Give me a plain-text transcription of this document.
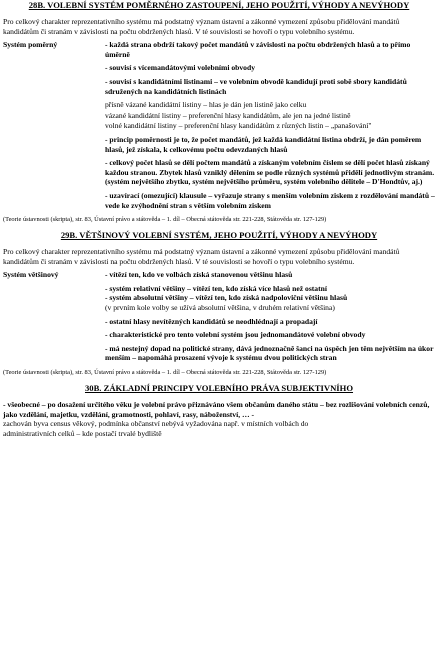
28B. VOLEBNÍ SYSTÉM POMĚRNÉHO ZASTOUPENÍ, JEHO POUŽITÍ, VÝHODY A NEVÝHODY
Pro celkový charakter reprezentativního systému má podstatný význam ústavní a zákonné vymezení způsobu přidělování mandátů kandidátům či stranám v závislosti na počtu obdržených hlasů. V té souvislosti se hovoří o typu volebního systému.
Systém poměrný	- každá strana obdrží takový počet mandátů v závislosti na počtu obdržených hlasů a to přímo úměrně

- souvisí s vícemandátovými volebními obvody

- souvisí s kandidátními listinami – ve volebním obvodě kandidují proti sobě sbory kandidátů sdružených na kandidátních listinách

přísně vázané kandidátní listiny – hlas je dán jen listině jako celku

vázané kandidátní listiny – preferenční hlasy kandidátům, ale jen na jedné listině

volné kandidátní listiny – preferenční hlasy kandidátům z různých listin – „panašování"

- princip poměrnosti je to, že počet mandátů, jež každá kandidátní listina obdrží, je dán poměrem hlasů, jež získala, k celkovému počtu odevzdaných hlasů

- celkový počet hlasů se dělí počtem mandátů a získaným volebním číslem se dělí počet hlasů získaný každou stranou. Zbytek hlasů vzniklý dělením se podle různých systémů přidělí jednotlivým stranám. (systém největšího zbytku, systém největšího průměru, systém volebního dělitele – D'Hondtův, aj.)

- uzavírací (omezující) klausule – vyřazuje strany s menším volebním ziskem z rozdělování mandátů – vede ke zvýhodnění stran s větším volebním ziskem

(Teorie ústavnosti (skripta), str. 83, Ústavní právo a státověda – 1. díl – Obecná státověda str. 221-228, Státověda str. 127-129)
29B. VĚTŠINOVÝ VOLEBNÍ SYSTÉM, JEHO POUŽITÍ, VÝHODY A NEVÝHODY
Pro celkový charakter reprezentativního systému má podstatný význam ústavní a zákonné vymezení způsobu přidělování mandátů kandidátům či stranám v závislosti na počtu obdržených hlasů. V té souvislosti se hovoří o typu volebního systému.
Systém většinový	- vítězí ten, kdo ve volbách získá stanovenou většinu hlasů

- systém relativní většiny – vítězí ten, kdo získá více hlasů než ostatní
- systém absolutní většiny – vítězí ten, kdo získá nadpoloviční většinu hlasů
(v prvním kole volby se užívá absolutní většina, v druhém relativní většina)

- ostatní hlasy nevítězných kandidátů se neodhlédnají a propadají

- charakteristické pro tento volební systém jsou jednomandátové volební obvody

- má nestejný dopad na politické strany, dává jednoznačně šanci na úspěch jen těm největším na úkor menším – napomáhá prosazení vývoje k systému dvou politických stran

(Teorie ústavnosti (skripta), str. 83, Ústavní právo a státověda – 1. díl – Obecná státověda str. 221-228, Státověda str. 127-129)
30B. ZÁKLADNÍ PRINCIPY VOLEBNÍHO PRÁVA SUBJEKTIVNÍHO
- všeobecné – po dosažení určitého věku je volební právo přiznáváno všem občanům daného státu – bez rozlišování volebních cenzů, jako vzdělání, majetku, vzdělání, gramotnosti, pohlaví, rasy, náboženství, … -
zachován byva census věkový, podmínka občanství nebývá vyžadována např. v místních volbách do
administrativních celků – kde postačí trvalé bydliště
